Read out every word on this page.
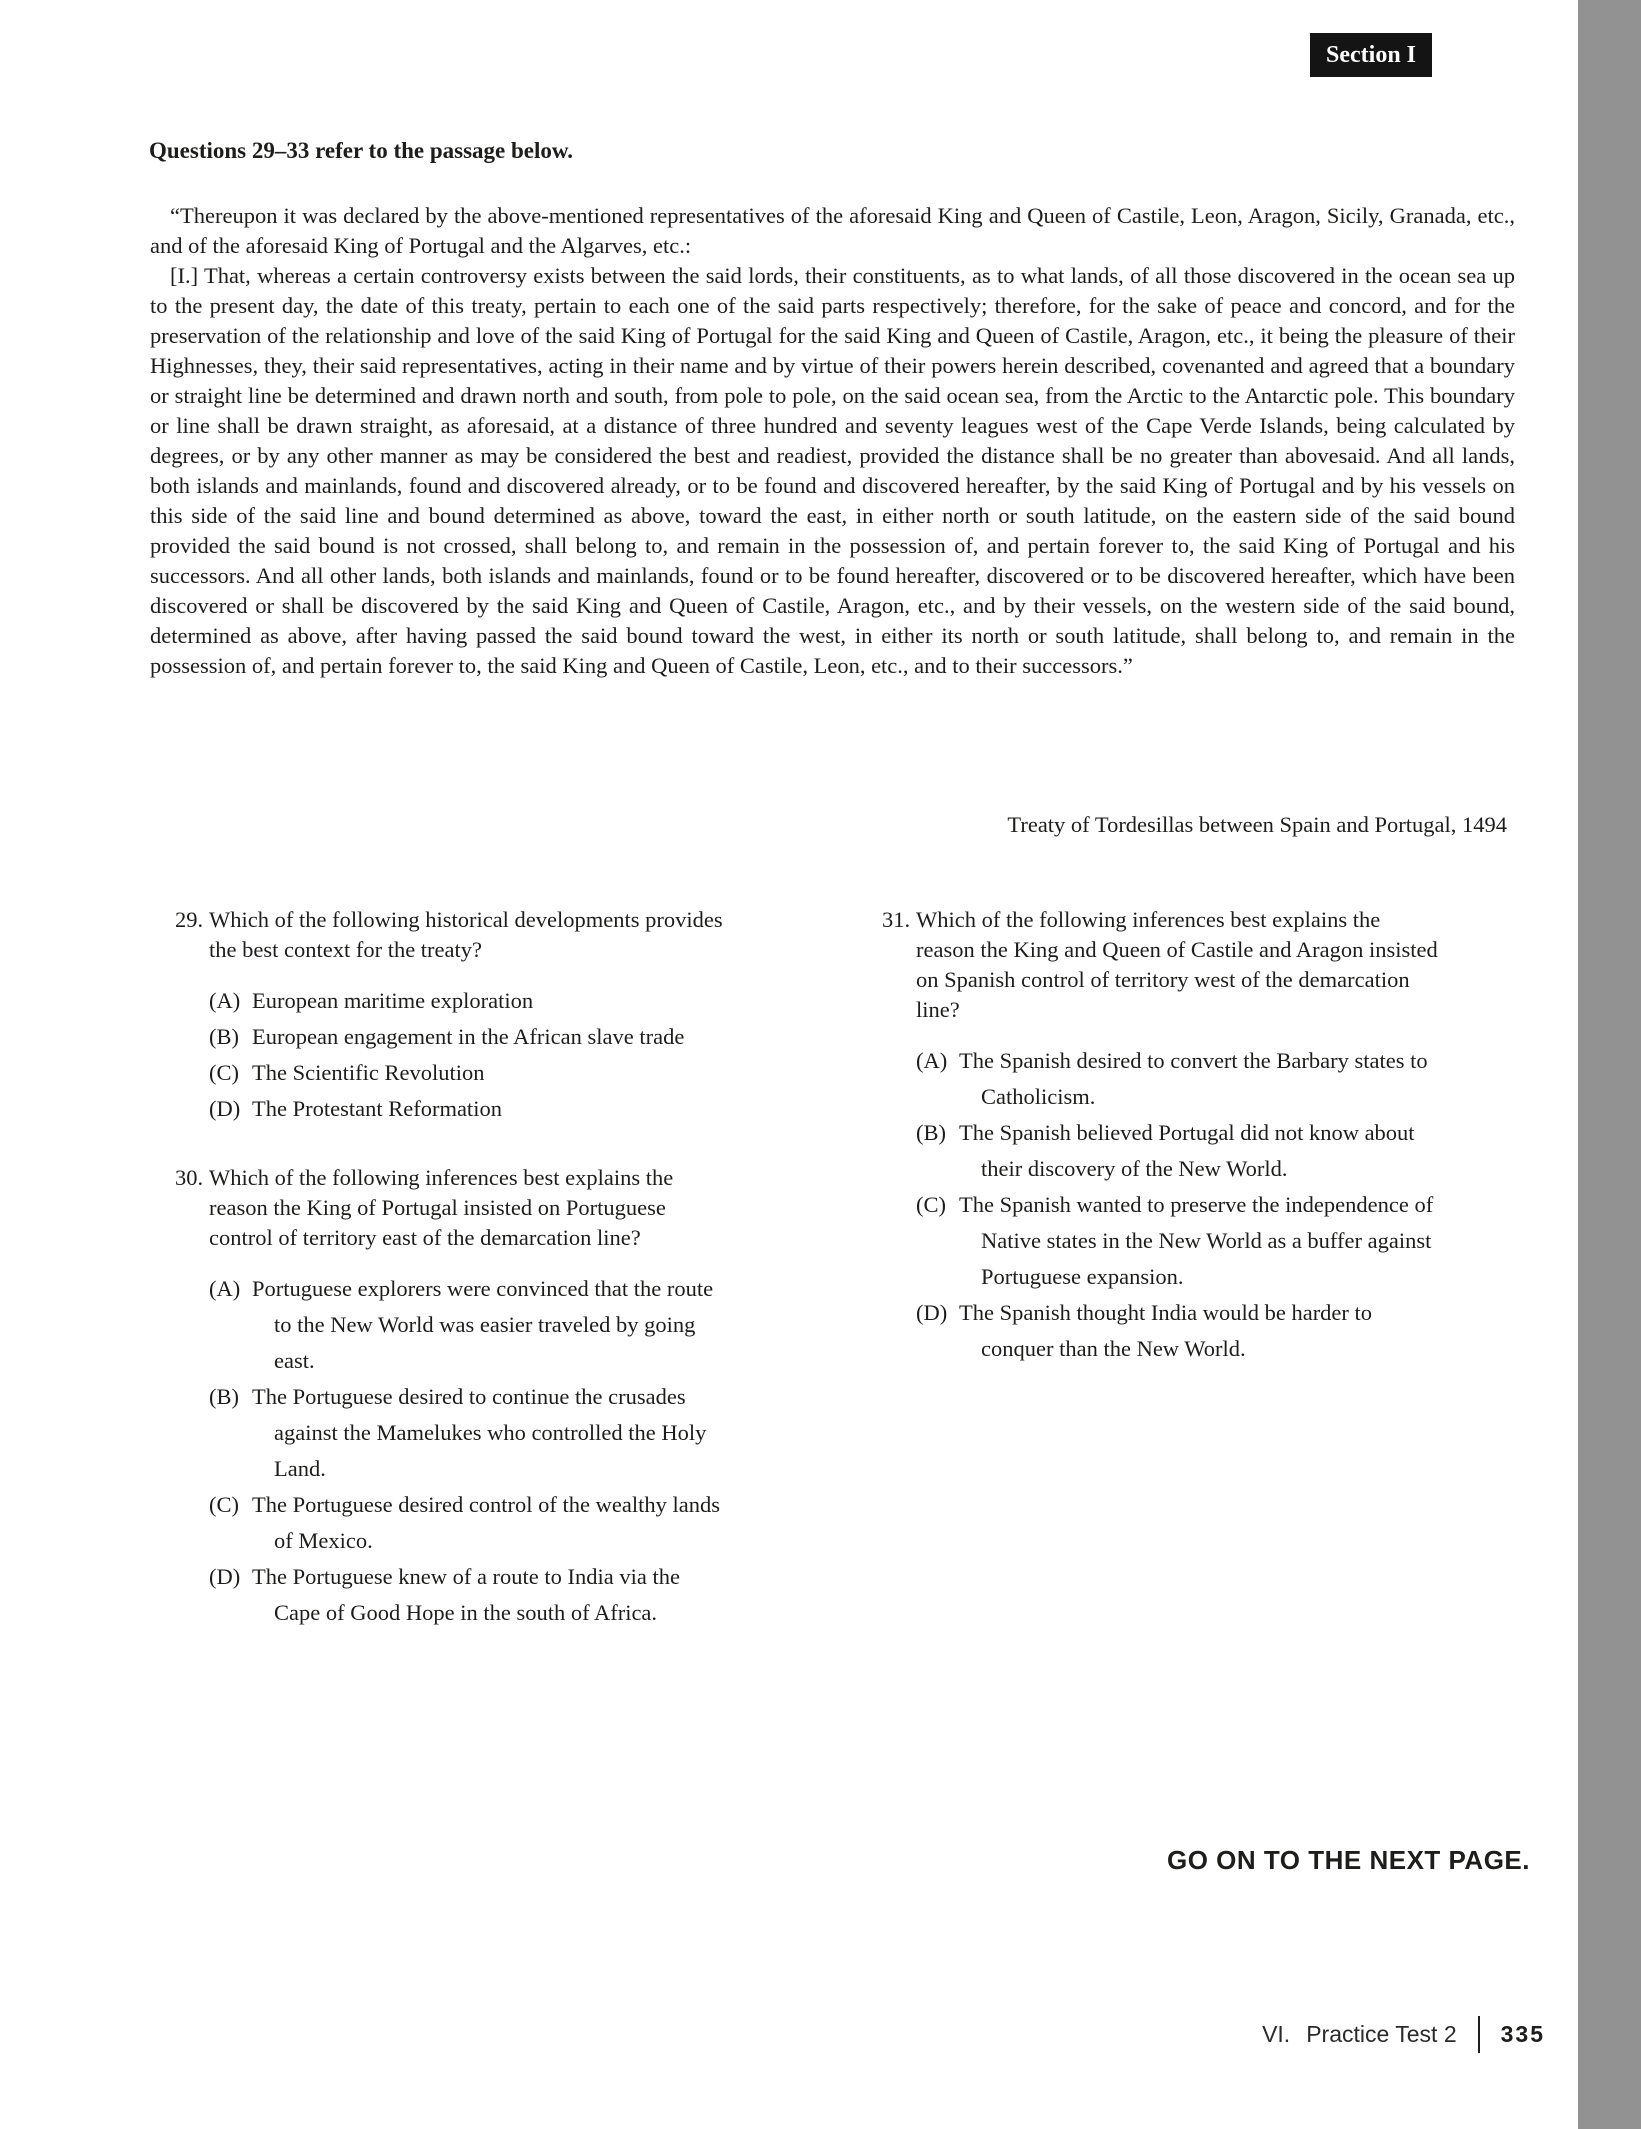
Section I
Questions 29–33 refer to the passage below.

“Thereupon it was declared by the above-mentioned representatives of the aforesaid King and Queen of Castile, Leon, Aragon, Sicily, Granada, etc., and of the aforesaid King of Portugal and the Algarves, etc.:

[I.] That, whereas a certain controversy exists between the said lords, their constituents, as to what lands, of all those discovered in the ocean sea up to the present day, the date of this treaty, pertain to each one of the said parts respectively; therefore, for the sake of peace and concord, and for the preservation of the relationship and love of the said King of Portugal for the said King and Queen of Castile, Aragon, etc., it being the pleasure of their Highnesses, they, their said representatives, acting in their name and by virtue of their powers herein described, covenanted and agreed that a boundary or straight line be determined and drawn north and south, from pole to pole, on the said ocean sea, from the Arctic to the Antarctic pole. This boundary or line shall be drawn straight, as aforesaid, at a distance of three hundred and seventy leagues west of the Cape Verde Islands, being calculated by degrees, or by any other manner as may be considered the best and readiest, provided the distance shall be no greater than abovesaid. And all lands, both islands and mainlands, found and discovered already, or to be found and discovered hereafter, by the said King of Portugal and by his vessels on this side of the said line and bound determined as above, toward the east, in either north or south latitude, on the eastern side of the said bound provided the said bound is not crossed, shall belong to, and remain in the possession of, and pertain forever to, the said King of Portugal and his successors. And all other lands, both islands and mainlands, found or to be found hereafter, discovered or to be discovered hereafter, which have been discovered or shall be discovered by the said King and Queen of Castile, Aragon, etc., and by their vessels, on the western side of the said bound, determined as above, after having passed the said bound toward the west, in either its north or south latitude, shall belong to, and remain in the possession of, and pertain forever to, the said King and Queen of Castile, Leon, etc., and to their successors.”

Treaty of Tordesillas between Spain and Portugal, 1494
29. Which of the following historical developments provides
the best context for the treaty?
(A) European maritime exploration
(B) European engagement in the African slave trade
(C) The Scientific Revolution
(D) The Protestant Reformation
30. Which of the following inferences best explains the
reason the King of Portugal insisted on Portuguese
control of territory east of the demarcation line?
(A) Portuguese explorers were convinced that the route
to the New World was easier traveled by going
east.
(B) The Portuguese desired to continue the crusades
against the Mamelukes who controlled the Holy
Land.
(C) The Portuguese desired control of the wealthy lands
of Mexico.
(D) The Portuguese knew of a route to India via the
Cape of Good Hope in the south of Africa.
31. Which of the following inferences best explains the
reason the King and Queen of Castile and Aragon insisted
on Spanish control of territory west of the demarcation
line?
(A) The Spanish desired to convert the Barbary states to
Catholicism.
(B) The Spanish believed Portugal did not know about
their discovery of the New World.
(C) The Spanish wanted to preserve the independence of
Native states in the New World as a buffer against
Portuguese expansion.
(D) The Spanish thought India would be harder to
conquer than the New World.
GO ON TO THE NEXT PAGE.
VI. Practice Test 2 335
